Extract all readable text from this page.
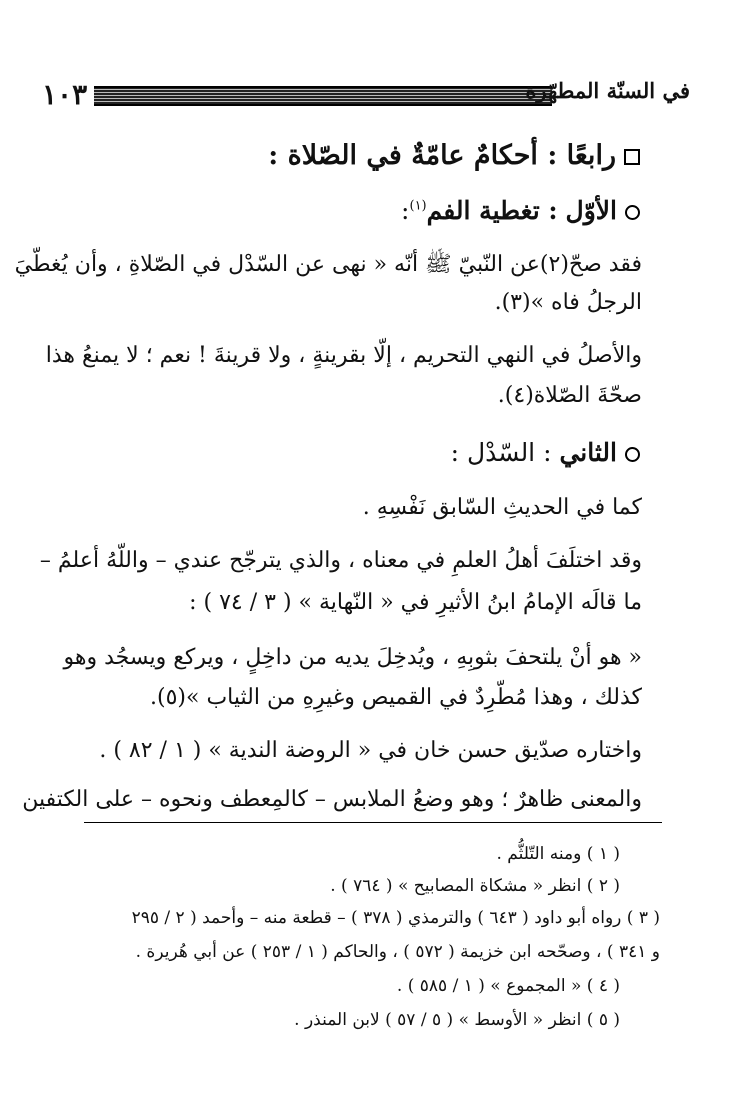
١٠٣	في السنّة المطهّرة
رابعًا : أحكامٌ عامّةٌ في الصّلاة :
الأوّل : تغطية الفم$^{(١)}$:
فقد صحّ(٢)عن النّبيّ ﷺ أنّه « نهى عن السّدْل في الصّلاةِ ، وأن يُغطّيَ
الرجلُ فاه »(٣).
والأصلُ في النهي التحريم ، إلّا بقرينةٍ ، ولا قرينةَ ! نعم ؛ لا يمنعُ هذا
صحّةَ الصّلاة(٤).
الثاني : السّدْل :
كما في الحديثِ السّابق نَفْسِهِ .
وقد اختلَفَ أهلُ العلمِ في معناه ، والذي يترجّح عندي – واللّهُ أعلمُ –
ما قالَه الإمامُ ابنُ الأثيرِ في « النّهاية » ( ٣ / ٧٤ ) :
« هو أنْ يلتحفَ بثوبِهِ ، ويُدخِلَ يديه من داخِلٍ ، ويركع ويسجُد وهو
كذلك ، وهذا مُطّرِدٌ في القميص وغيرِهِ من الثياب »(٥).
واختاره صدّيق حسن خان في « الروضة الندية » ( ١ / ٨٢ ) .
والمعنى ظاهرٌ ؛ وهو وضعُ الملابس – كالمِعطف ونحوه – على الكتفين
( ١ ) ومنه التّلثُّم .
( ٢ ) انظر « مشكاة المصابيح » ( ٧٦٤ ) .
( ٣ ) رواه أبو داود ( ٦٤٣ ) والترمذي ( ٣٧٨ ) – قطعة منه – وأحمد ( ٢ / ٢٩٥
و ٣٤١ ) ، وصحّحه ابن خزيمة ( ٥٧٢ ) ، والحاكم ( ١ / ٢٥٣ ) عن أبي هُريرة .
( ٤ ) « المجموع » ( ١ / ٥٨٥ ) .
( ٥ ) انظر « الأوسط » ( ٥ / ٥٧ ) لابن المنذر .
